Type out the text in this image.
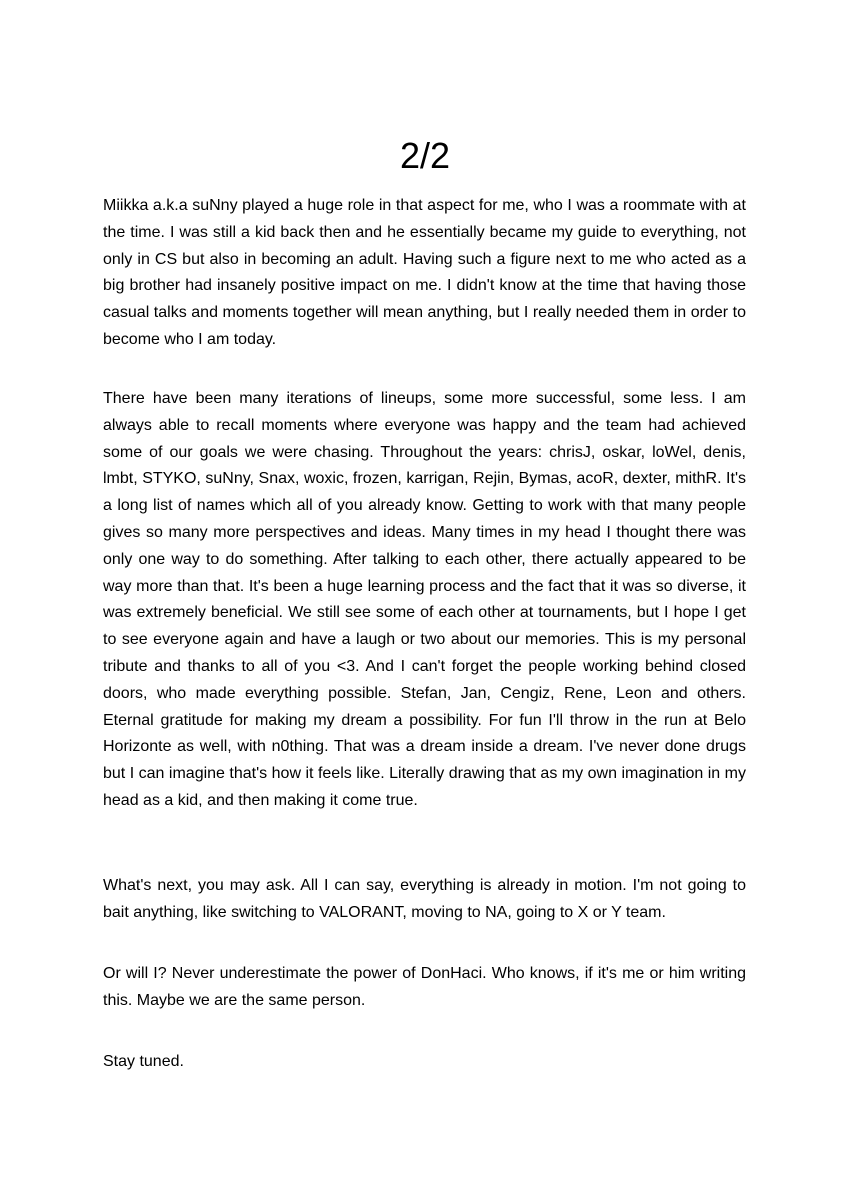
2/2

Miikka a.k.a suNny played a huge role in that aspect for me, who I was a roommate with at the time. I was still a kid back then and he essentially became my guide to everything, not only in CS but also in becoming an adult. Having such a figure next to me who acted as a big brother had insanely positive impact on me. I didn't know at the time that having those casual talks and moments together will mean anything, but I really needed them in order to become who I am today.

There have been many iterations of lineups, some more successful, some less. I am always able to recall moments where everyone was happy and the team had achieved some of our goals we were chasing. Throughout the years: chrisJ, oskar, loWel, denis, lmbt, STYKO, suNny, Snax, woxic, frozen, karrigan, Rejin, Bymas, acoR, dexter, mithR. It's a long list of names which all of you already know. Getting to work with that many people gives so many more perspectives and ideas. Many times in my head I thought there was only one way to do something. After talking to each other, there actually appeared to be way more than that. It's been a huge learning process and the fact that it was so diverse, it was extremely beneficial. We still see some of each other at tournaments, but I hope I get to see everyone again and have a laugh or two about our memories. This is my personal tribute and thanks to all of you <3. And I can't forget the people working behind closed doors, who made everything possible. Stefan, Jan, Cengiz, Rene, Leon and others. Eternal gratitude for making my dream a possibility. For fun I'll throw in the run at Belo Horizonte as well, with n0thing. That was a dream inside a dream. I've never done drugs but I can imagine that's how it feels like. Literally drawing that as my own imagination in my head as a kid, and then making it come true.

What's next, you may ask. All I can say, everything is already in motion. I'm not going to bait anything, like switching to VALORANT, moving to NA, going to X or Y team.

Or will I? Never underestimate the power of DonHaci. Who knows, if it's me or him writing this. Maybe we are the same person.

Stay tuned.
